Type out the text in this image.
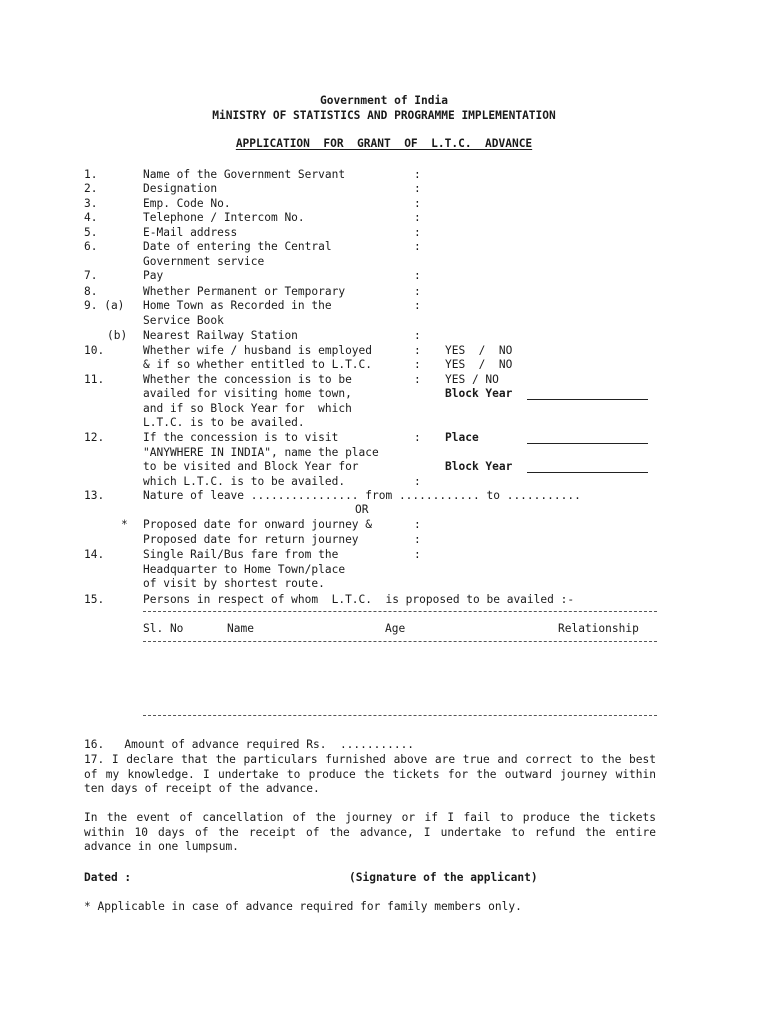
Government of India
MiNISTRY OF STATISTICS AND PROGRAMME IMPLEMENTATION
APPLICATION  FOR  GRANT  OF  L.T.C.  ADVANCE
1.	Name of the Government Servant	:
2.	Designation	:
3.	Emp. Code No.	:
4.	Telephone / Intercom No.	:
5.	E-Mail address	:
6.	Date of entering the Central	:
Government service
7.	Pay	:
8.	Whether Permanent or Temporary	:
9. (a) Home Town as Recorded in the	:
Service Book
(b) Nearest Railway Station	:
10.	Whether wife / husband is employed	: YES  /  NO
& if so whether entitled to L.T.C.	: YES  /  NO
11.	Whether the concession is to be	: YES / NO
availed for visiting home town,	Block Year
and if so Block Year for  which
L.T.C. is to be availed.
12.	If the concession is to visit	: Place
"ANYWHERE IN INDIA", name the place
to be visited and Block Year for	Block Year
which L.T.C. is to be availed.	:
13.	Nature of leave ................ from ............ to ...........
OR
* Proposed date for onward journey &	:
Proposed date for return journey	:
14.	Single Rail/Bus fare from the	:
Headquarter to Home Town/place
of visit by shortest route.
15.	Persons in respect of whom  L.T.C.  is proposed to be availed :-
Sl. No	Name	Age	Relationship
16.   Amount of advance required Rs.  ...........
17. I declare that the particulars furnished above are true and correct to the best of my knowledge. I undertake to produce the tickets for the outward journey within ten days of receipt of the advance.
In the event of cancellation of the journey or if I fail to produce the tickets within 10 days of the receipt of the advance, I undertake to refund the entire advance in one lumpsum.
Dated :	(Signature of the applicant)
* Applicable in case of advance required for family members only.
